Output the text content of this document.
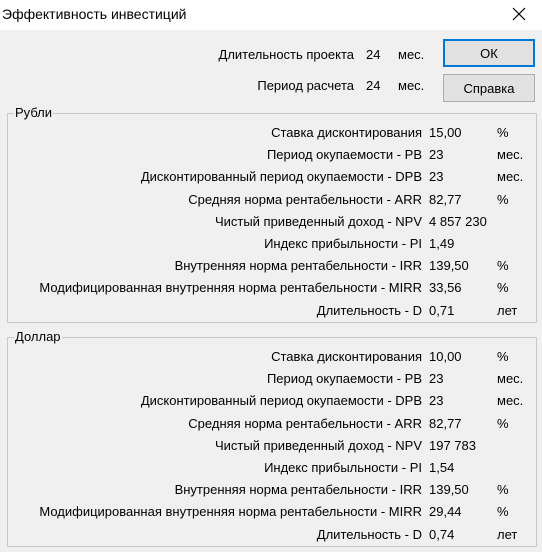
Эффективность инвестиций
Длительность проекта 24 мес.
Период расчета 24 мес.
ОК
Справка
Рубли
Ставка дисконтирования 15,00	%
Период окупаемости - PB 23	мес.
Дисконтированный период окупаемости - DPB 23	мес.
Средняя норма рентабельности - ARR 82,77	%
Чистый приведенный доход - NPV 4 857 230
Индекс прибыльности - PI 1,49
Внутренняя норма рентабельности - IRR 139,50 %
Модифицированная внутренняя норма рентабельности - MIRR 33,56	%
Длительность - D 0,71	лет
Доллар
Ставка дисконтирования 10,00	%
Период окупаемости - PB 23	мес.
Дисконтированный период окупаемости - DPB 23	мес.
Средняя норма рентабельности - ARR 82,77	%
Чистый приведенный доход - NPV 197 783
Индекс прибыльности - PI 1,54
Внутренняя норма рентабельности - IRR 139,50 %
Модифицированная внутренняя норма рентабельности - MIRR 29,44	%
Длительность - D 0,74	лет
